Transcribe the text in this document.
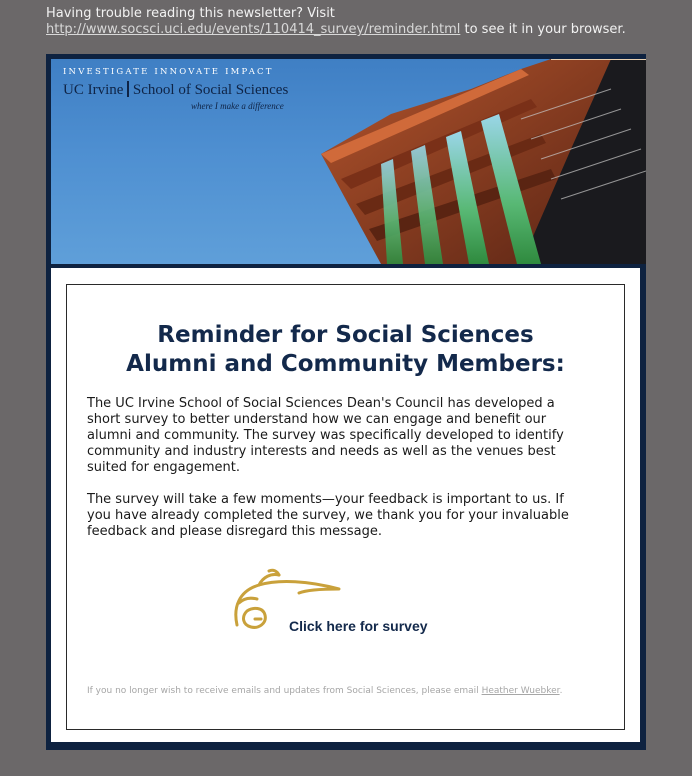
Having trouble reading this newsletter? Visit http://www.socsci.uci.edu/events/110414_survey/reminder.html to see it in your browser.
INVESTIGATE INNOVATE IMPACT
UC Irvine School of Social Sciences
where I make a difference
Reminder for Social Sciences
Alumni and Community Members:
The UC Irvine School of Social Sciences Dean's Council has developed a short survey to better understand how we can engage and benefit our alumni and community. The survey was specifically developed to identify community and industry interests and needs as well as the venues best suited for engagement.
The survey will take a few moments—your feedback is important to us. If you have already completed the survey, we thank you for your invaluable feedback and please disregard this message.
Click here for survey
If you no longer wish to receive emails and updates from Social Sciences, please email Heather Wuebker.
